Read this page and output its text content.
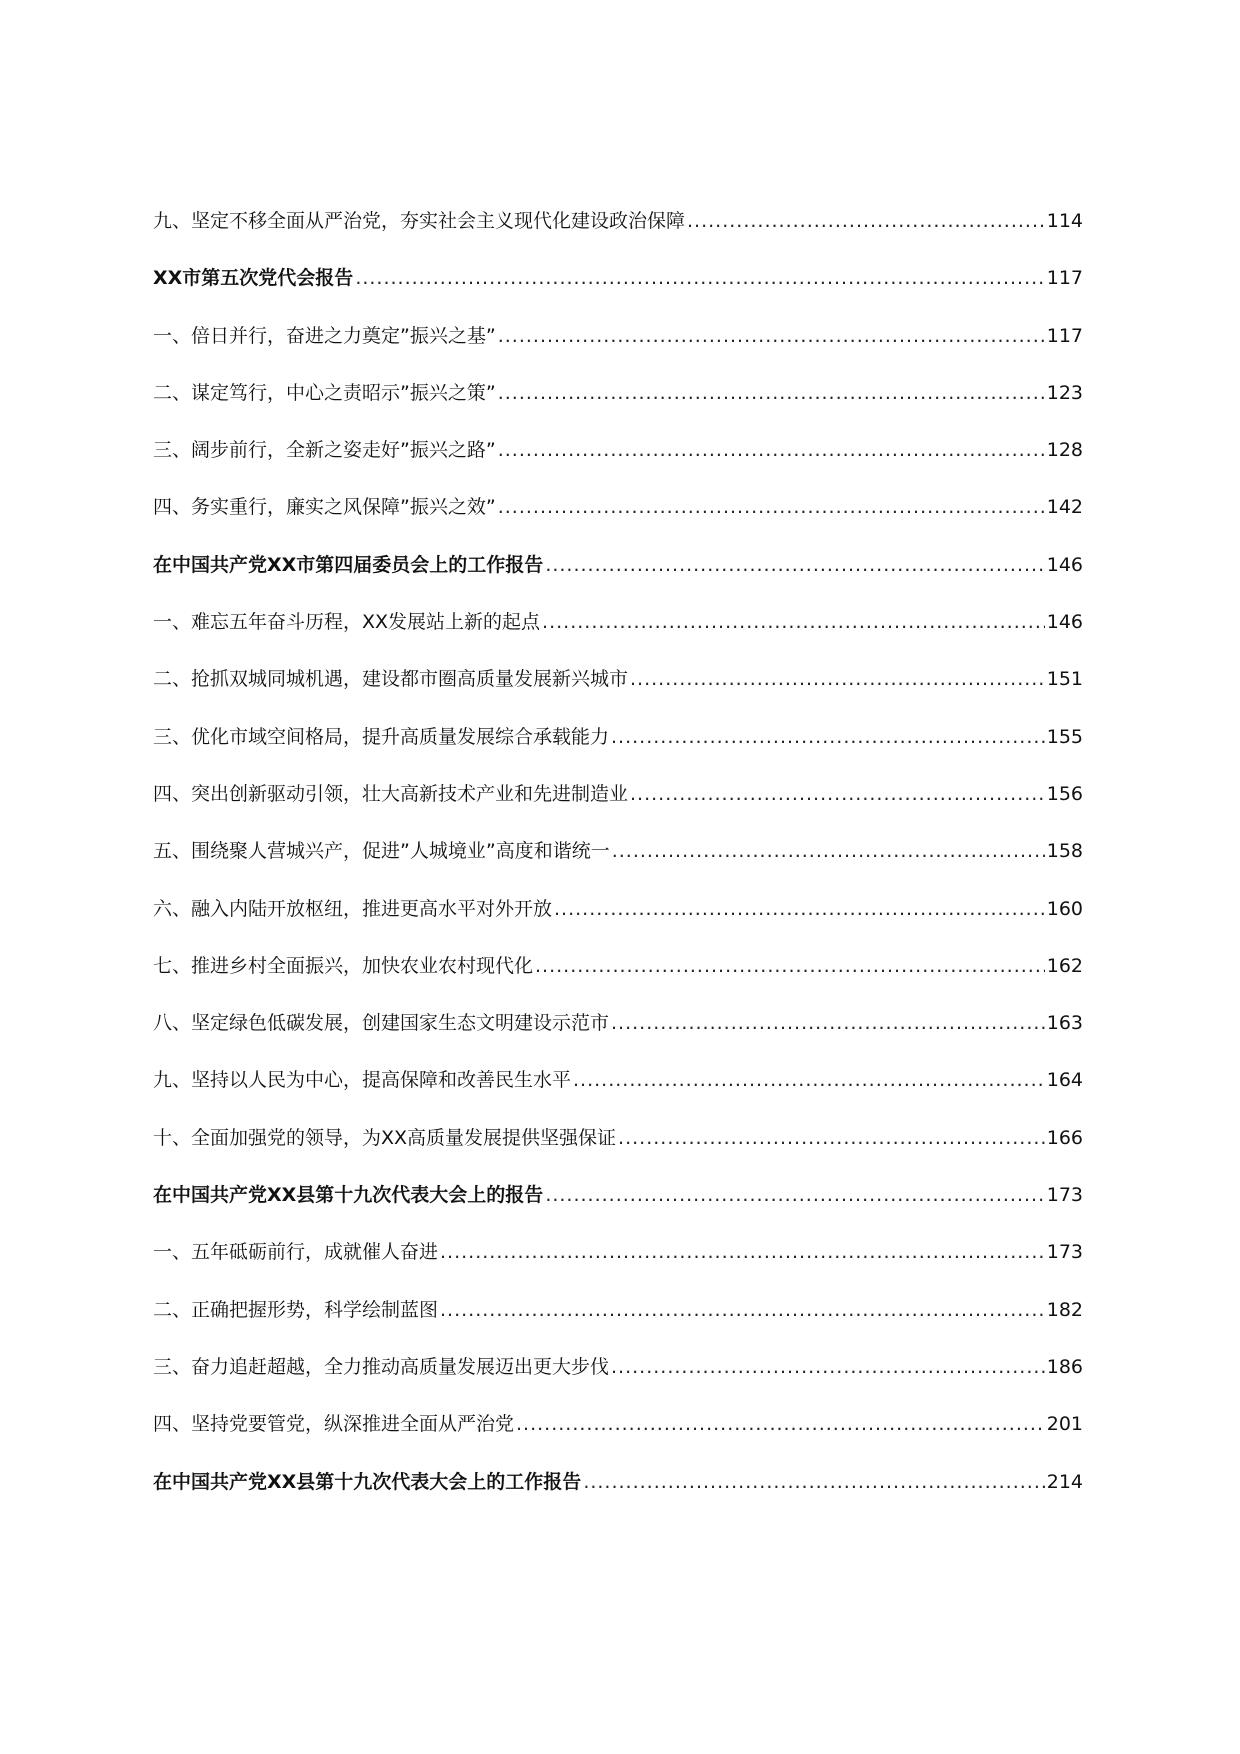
九、坚定不移全面从严治党，夯实社会主义现代化建设政治保障 .....	114
XX市第五次党代会报告 .....	117
一、倍日并行，奋进之力奠定”振兴之基” .....	117
二、谋定笃行，中心之责昭示”振兴之策” .....	123
三、阔步前行，全新之姿走好”振兴之路” .....	128
四、务实重行，廉实之风保障”振兴之效” .....	142
在中国共产党XX市第四届委员会上的工作报告 .....	146
一、难忘五年奋斗历程，XX发展站上新的起点 .....	146
二、抢抓双城同城机遇，建设都市圈高质量发展新兴城市 .....	151
三、优化市域空间格局，提升高质量发展综合承载能力 .....	155
四、突出创新驱动引领，壮大高新技术产业和先进制造业 .....	156
五、围绕聚人营城兴产，促进”人城境业”高度和谐统一 .....	158
六、融入内陆开放枢纽，推进更高水平对外开放 .....	160
七、推进乡村全面振兴，加快农业农村现代化 .....	162
八、坚定绿色低碳发展，创建国家生态文明建设示范市 .....	163
九、坚持以人民为中心，提高保障和改善民生水平 .....	164
十、全面加强党的领导，为XX高质量发展提供坚强保证 .....	166
在中国共产党XX县第十九次代表大会上的报告 .....	173
一、五年砥砺前行，成就催人奋进 .....	173
二、正确把握形势，科学绘制蓝图 .....	182
三、奋力追赶超越，全力推动高质量发展迈出更大步伐 .....	186
四、坚持党要管党，纵深推进全面从严治党 .....	201
在中国共产党XX县第十九次代表大会上的工作报告 .....	214
